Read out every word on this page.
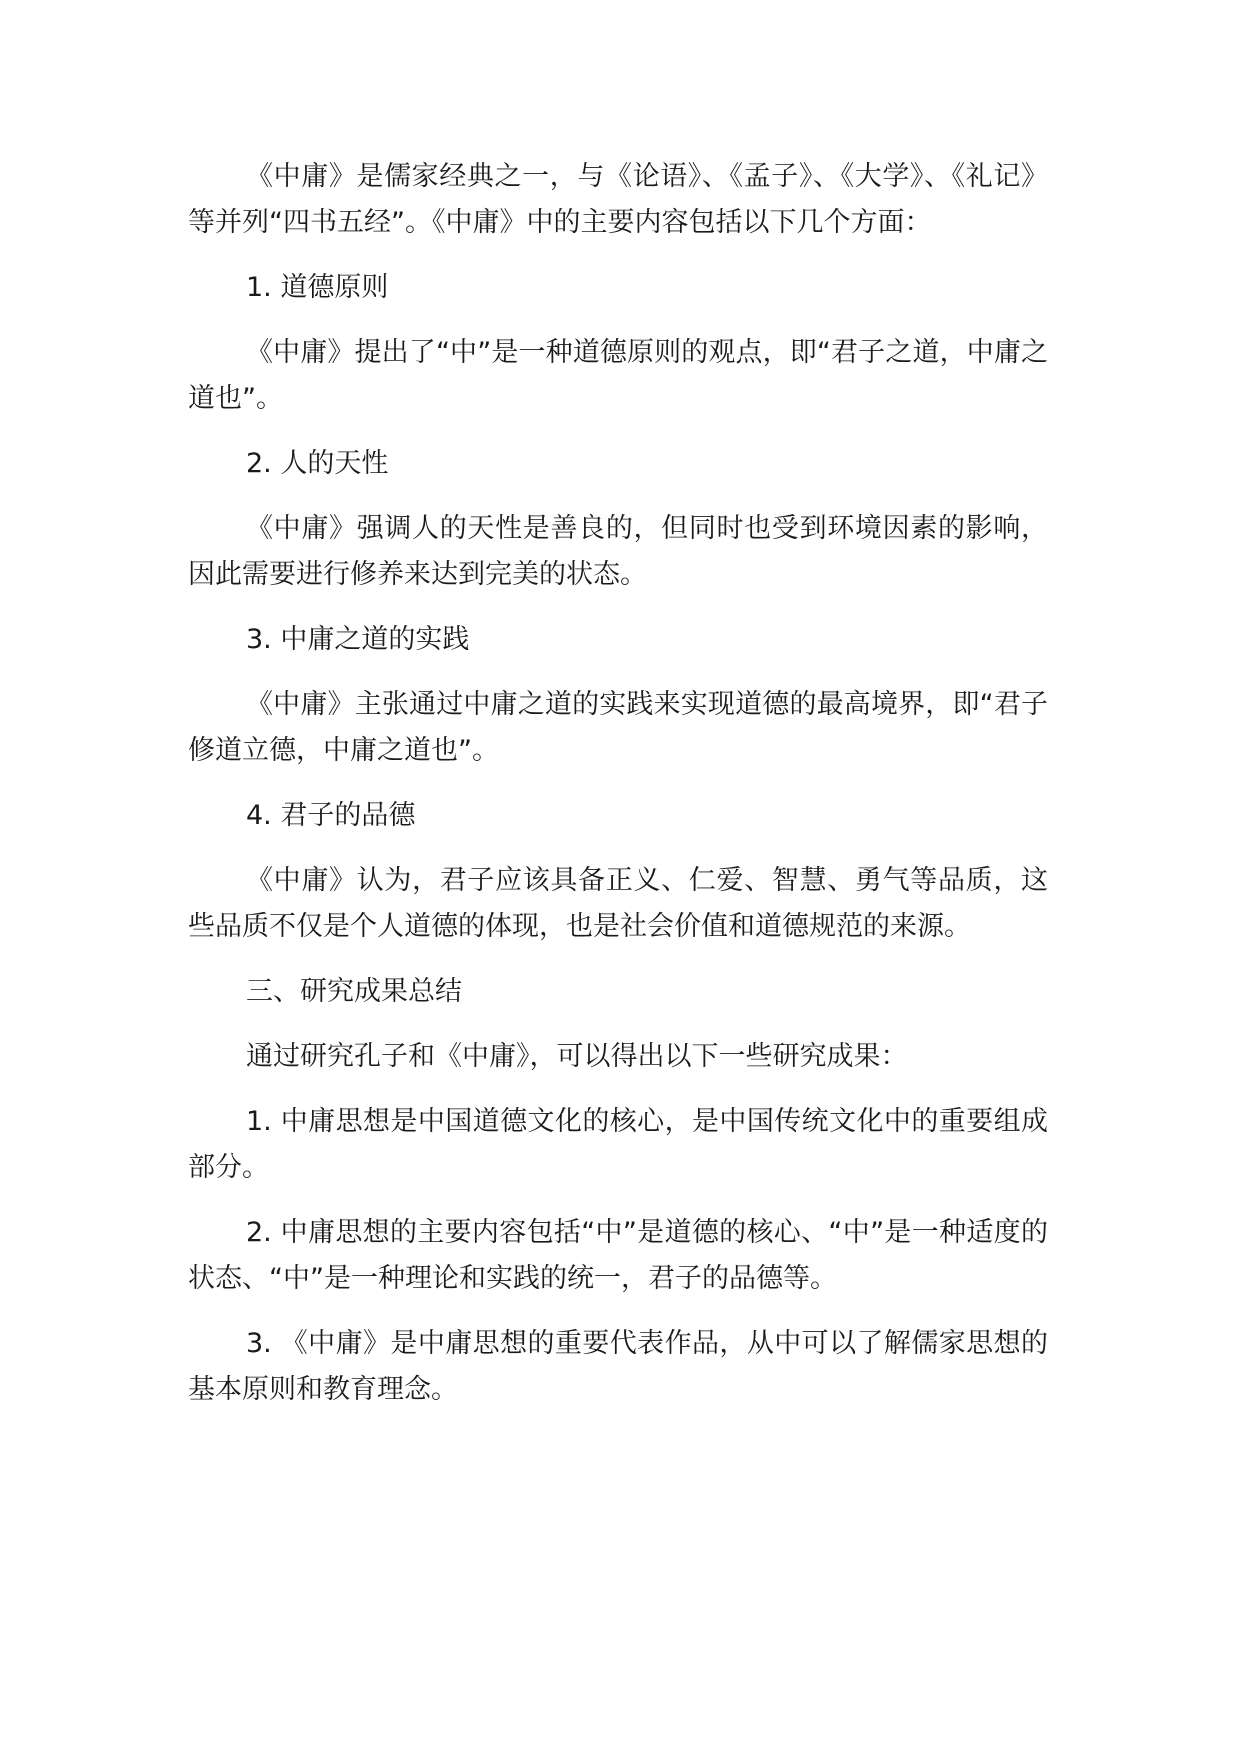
《中庸》是儒家经典之一，与《论语》、《孟子》、《大学》、《礼记》等并列“四书五经”。《中庸》中的主要内容包括以下几个方面：

1. 道德原则

《中庸》提出了“中”是一种道德原则的观点，即“君子之道，中庸之道也”。

2. 人的天性

《中庸》强调人的天性是善良的，但同时也受到环境因素的影响，因此需要进行修养来达到完美的状态。

3. 中庸之道的实践

《中庸》主张通过中庸之道的实践来实现道德的最高境界，即“君子修道立德，中庸之道也”。

4. 君子的品德

《中庸》认为，君子应该具备正义、仁爱、智慧、勇气等品质，这些品质不仅是个人道德的体现，也是社会价值和道德规范的来源。

三、研究成果总结

通过研究孔子和《中庸》，可以得出以下一些研究成果：

1. 中庸思想是中国道德文化的核心，是中国传统文化中的重要组成部分。

2. 中庸思想的主要内容包括“中”是道德的核心、“中”是一种适度的状态、“中”是一种理论和实践的统一，君子的品德等。

3. 《中庸》是中庸思想的重要代表作品，从中可以了解儒家思想的基本原则和教育理念。
